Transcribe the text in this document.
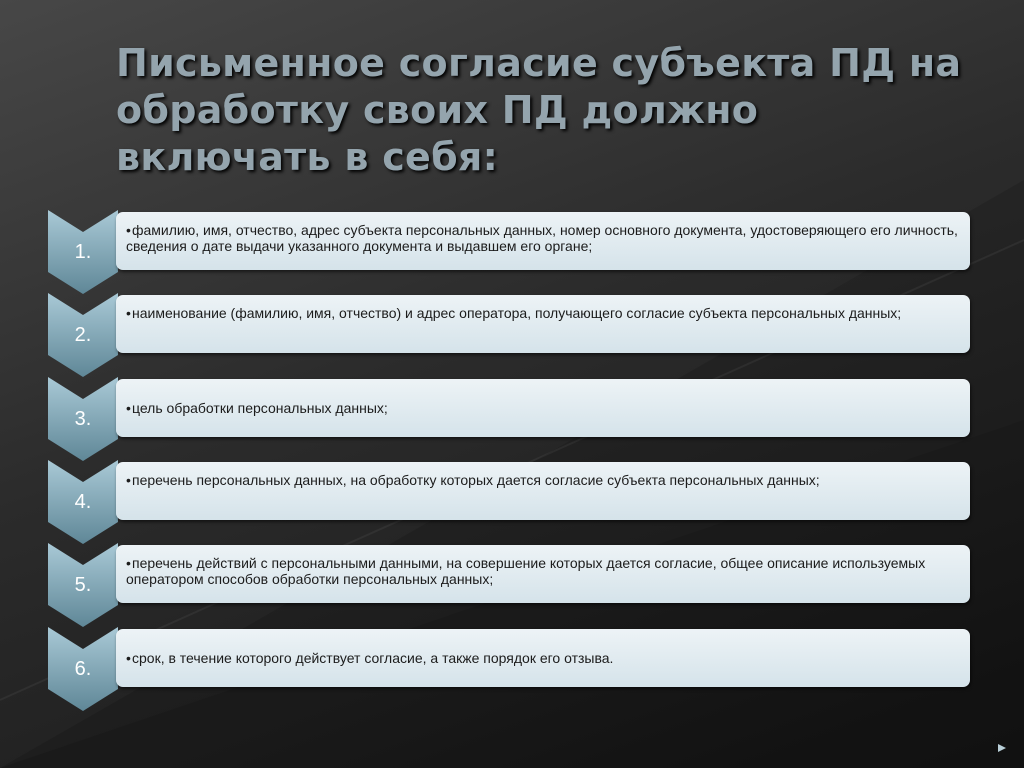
Письменное согласие субъекта ПД на обработку своих ПД должно включать в себя:
1.
•фамилию, имя, отчество, адрес субъекта персональных данных, номер основного документа, удостоверяющего его личность, сведения о дате выдачи указанного документа и выдавшем его органе;
2.
•наименование (фамилию, имя, отчество) и адрес оператора, получающего согласие субъекта персональных данных;
3.	• цель обработки персональных данных;
4.
•перечень персональных данных, на обработку которых дается согласие субъекта персональных данных;
5.
•перечень действий с персональными данными, на совершение которых дается согласие, общее описание используемых оператором способов обработки персональных данных;
6.	• срок, в течение которого действует согласие, а также порядок его отзыва.
